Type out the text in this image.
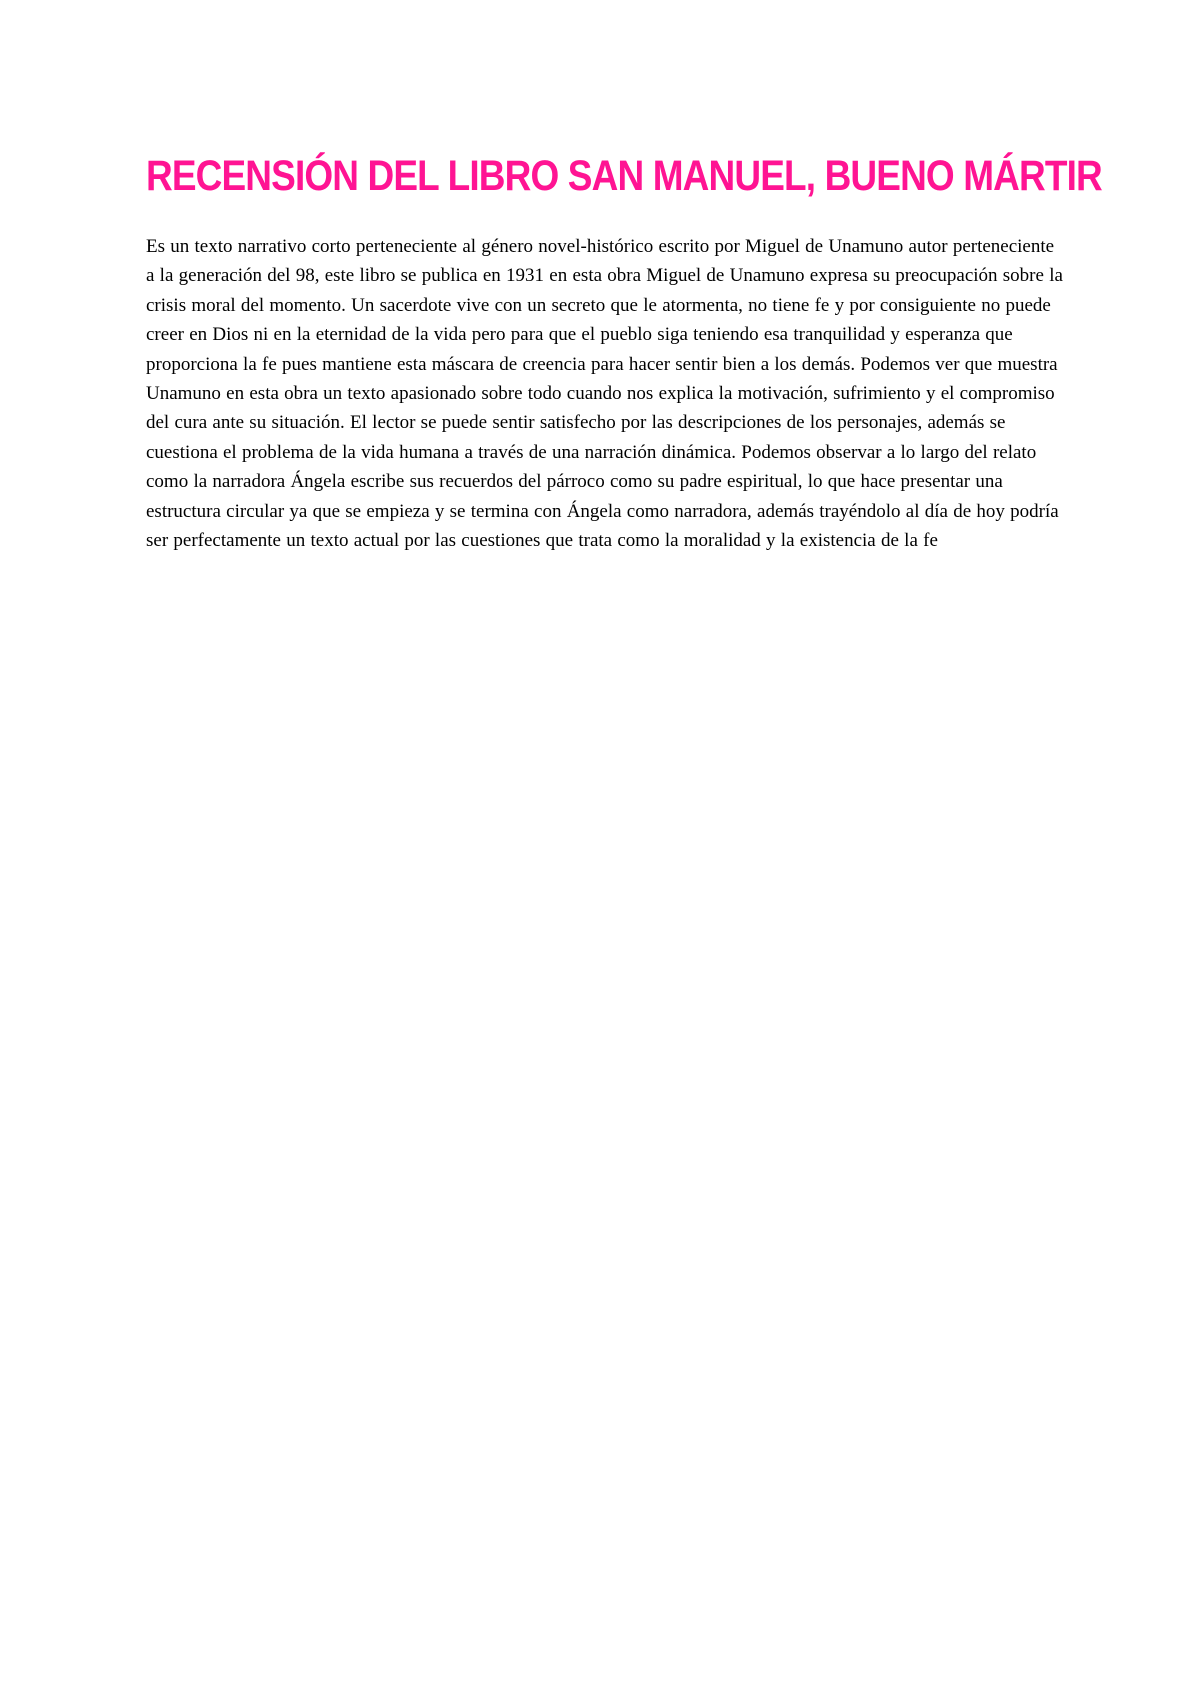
RECENSIÓN DEL LIBRO SAN MANUEL, BUENO MÁRTIR

Es un texto narrativo corto perteneciente al género novel-histórico escrito por Miguel de Unamuno autor perteneciente a la generación del 98, este libro se publica en 1931 en esta obra Miguel de Unamuno expresa su preocupación sobre la crisis moral del momento. Un sacerdote vive con un secreto que le atormenta, no tiene fe y por consiguiente no puede creer en Dios ni en la eternidad de la vida pero para que el pueblo siga teniendo esa tranquilidad y esperanza que proporciona la fe pues mantiene esta máscara de creencia para hacer sentir bien a los demás. Podemos ver que muestra Unamuno en esta obra un texto apasionado sobre todo cuando nos explica la motivación, sufrimiento y el compromiso del cura ante su situación. El lector se puede sentir satisfecho por las descripciones de los personajes, además se cuestiona el problema de la vida humana a través de una narración dinámica. Podemos observar a lo largo del relato como la narradora Ángela escribe sus recuerdos del párroco como su padre espiritual, lo que hace presentar una estructura circular ya que se empieza y se termina con Ángela como narradora, además trayéndolo al día de hoy podría ser perfectamente un texto actual por las cuestiones que trata como la moralidad y la existencia de la fe
